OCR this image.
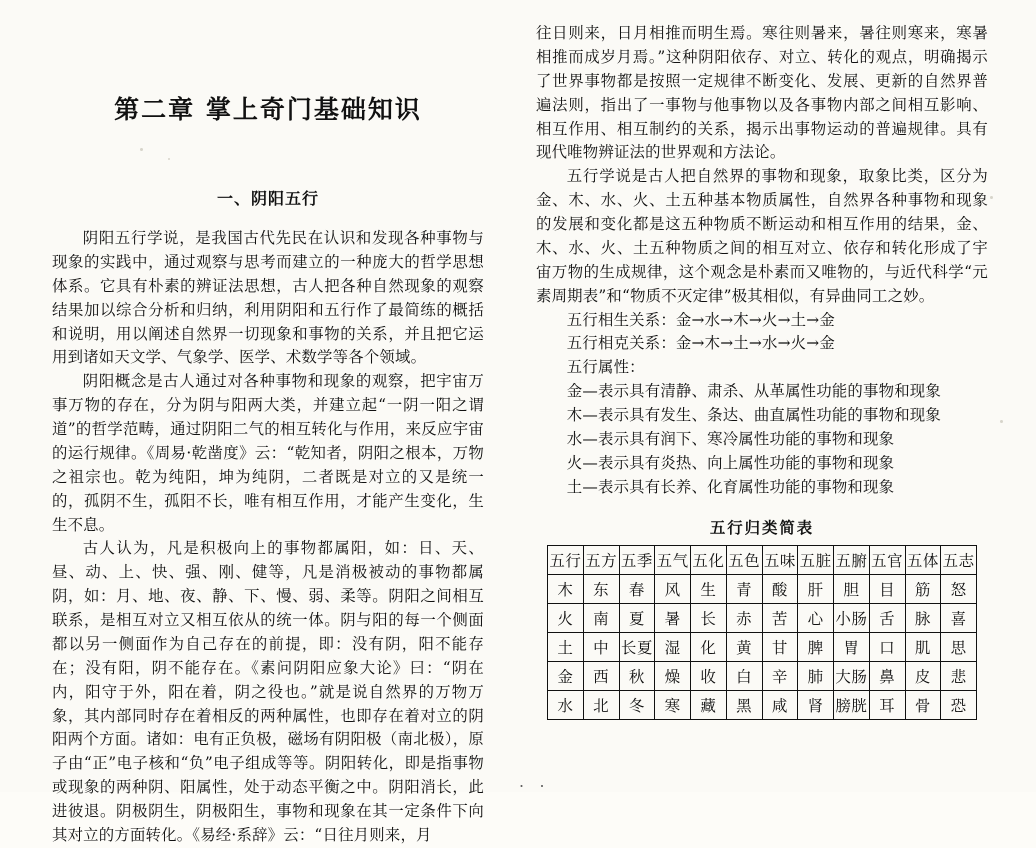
第二章 掌上奇门基础知识
一、阴阳五行

阴阳五行学说，是我国古代先民在认识和发现各种事物与现象的实践中，通过观察与思考而建立的一种庞大的哲学思想体系。它具有朴素的辨证法思想，古人把各种自然现象的观察结果加以综合分析和归纳，利用阴阳和五行作了最简练的概括和说明，用以阐述自然界一切现象和事物的关系，并且把它运用到诸如天文学、气象学、医学、术数学等各个领域。

阴阳概念是古人通过对各种事物和现象的观察，把宇宙万事万物的存在，分为阴与阳两大类，并建立起“一阴一阳之谓道”的哲学范畴，通过阴阳二气的相互转化与作用，来反应宇宙的运行规律。《周易·乾凿度》云：“乾知者，阴阳之根本，万物之祖宗也。乾为纯阳，坤为纯阴，二者既是对立的又是统一的，孤阴不生，孤阳不长，唯有相互作用，才能产生变化，生生不息。

古人认为，凡是积极向上的事物都属阳，如：日、天、昼、动、上、快、强、刚、健等，凡是消极被动的事物都属阴，如：月、地、夜、静、下、慢、弱、柔等。阴阳之间相互联系，是相互对立又相互依从的统一体。阴与阳的每一个侧面都以另一侧面作为自己存在的前提，即：没有阴，阳不能存在；没有阳，阴不能存在。《素问阴阳应象大论》曰：“阴在内，阳守于外，阳在着，阴之役也。”就是说自然界的万物万象，其内部同时存在着相反的两种属性，也即存在着对立的阴阳两个方面。诸如：电有正负极，磁场有阴阳极（南北极），原子由“正”电子核和“负”电子组成等等。阴阳转化，即是指事物或现象的两种阴、阳属性，处于动态平衡之中。阴阳消长，此进彼退。阴极阴生，阴极阳生，事物和现象在其一定条件下向其对立的方面转化。《易经·系辞》云：“日往月则来，月

往日则来，日月相推而明生焉。寒往则暑来，暑往则寒来，寒暑相推而成岁月焉。”这种阴阳依存、对立、转化的观点，明确揭示了世界事物都是按照一定规律不断变化、发展、更新的自然界普遍法则，指出了一事物与他事物以及各事物内部之间相互影响、相互作用、相互制约的关系，揭示出事物运动的普遍规律。具有现代唯物辨证法的世界观和方法论。

五行学说是古人把自然界的事物和现象，取象比类，区分为金、木、水、火、土五种基本物质属性，自然界各种事物和现象的发展和变化都是这五种物质不断运动和相互作用的结果，金、木、水、火、土五种物质之间的相互对立、依存和转化形成了宇宙万物的生成规律，这个观念是朴素而又唯物的，与近代科学“元素周期表”和“物质不灭定律”极其相似，有异曲同工之妙。

五行相生关系：金→水→木→火→土→金

五行相克关系：金→木→土→水→火→金

五行属性：

金—表示具有清静、肃杀、从革属性功能的事物和现象

木—表示具有发生、条达、曲直属性功能的事物和现象

水—表示具有润下、寒冷属性功能的事物和现象

火—表示具有炎热、向上属性功能的事物和现象

土—表示具有长养、化育属性功能的事物和现象

五行归类简表
五行	五方	五季	五气	五化	五色	五味	五脏	五腑	五官	五体	五志
木	东	春	风	生	青	酸	肝	胆	目	筋	怒
火	南	夏	暑	长	赤	苦	心	小肠	舌	脉	喜
土	中	长夏	湿	化	黄	甘	脾	胃	口	肌	思
金	西	秋	燥	收	白	辛	肺	大肠	鼻	皮	悲
水	北	冬	寒	藏	黑	咸	肾	膀胱	耳	骨	恐
・ ・
